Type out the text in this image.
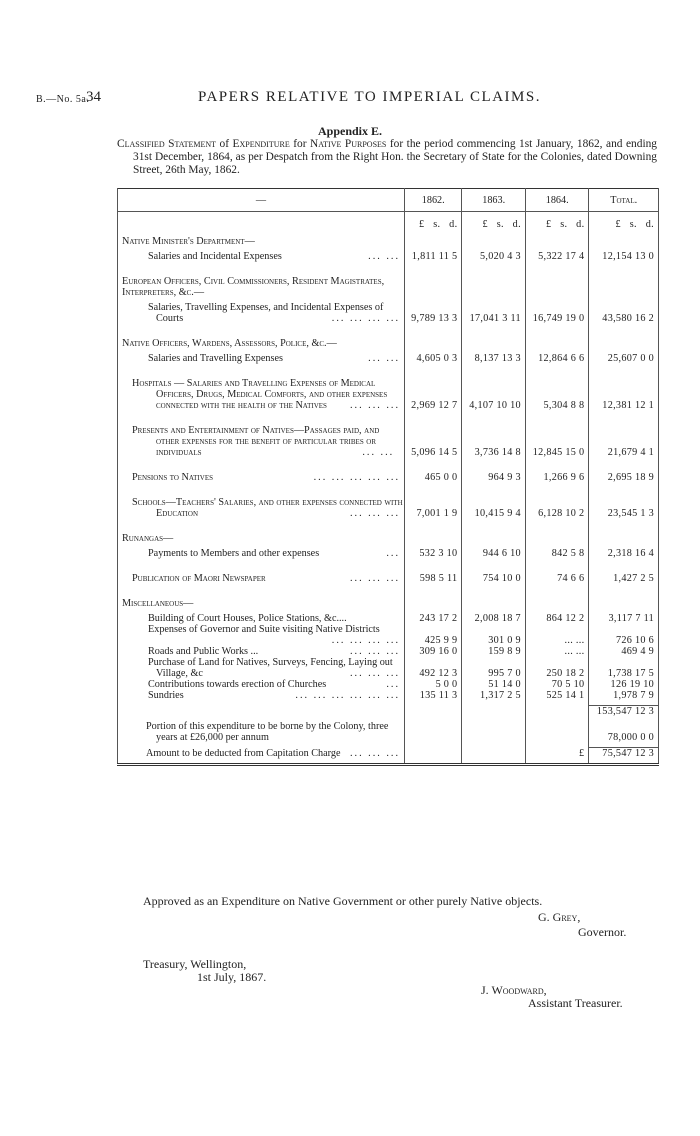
B.—No. 5a.
34	PAPERS RELATIVE TO IMPERIAL CLAIMS.
Appendix E.

Classified Statement of Expenditure for Native Purposes for the period commencing 1st January, 1862, and ending 31st December, 1864, as per Despatch from the Right Hon. the Secretary of State for the Colonies, dated Downing Street, 26th May, 1862.

—	1862.	1863.	1864.	Total.
	£ s. d.	£ s. d.	£ s. d.	£ s. d.

Native Minister's Department—				

Salaries and Incidental Expenses ... ...	1,811 11 5	5,020 4 3	5,322 17 4	12,154 13 0

European Officers, Civil Commissioners, Resident Magistrates, Interpreters, &c.—				

Salaries, Travelling Expenses, and Incidental Expenses of Courts ... ... ... ...	9,789 13 3	17,041 3 11	16,749 19 0	43,580 16 2

Native Officers, Wardens, Assessors, Police, &c.—				

Salaries and Travelling Expenses ... ...	4,605 0 3	8,137 13 3	12,864 6 6	25,607 0 0

Hospitals — Salaries and Travelling Expenses of Medical Officers, Drugs, Medical Comforts, and other expenses connected with the health of the Natives ... ... ...	2,969 12 7	4,107 10 10	5,304 8 8	12,381 12 1

Presents and Entertainment of Natives—Passages paid, and other expenses for the benefit of particular tribes or individuals ... ...	5,096 14 5	3,736 14 8	12,845 15 0	21,679 4 1

Pensions to Natives ... ... ... ... ...	465 0 0	964 9 3	1,266 9 6	2,695 18 9

Schools—Teachers' Salaries, and other expenses connected with Education ... ... ...	7,001 1 9	10,415 9 4	6,128 10 2	23,545 1 3

Runangas—				

Payments to Members and other expenses ...	532 3 10	944 6 10	842 5 8	2,318 16 4

Publication of Maori Newspaper ... ... ...	598 5 11	754 10 0	74 6 6	1,427 2 5

Miscellaneous—				

Building of Court Houses, Police Stations, &c....	243 17 2	2,008 18 7	864 12 2	3,117 7 11
Expenses of Governor and Suite visiting Native Districts
... ... ... ...	425 9 9	301 0 9	... ...	726 10 6
Roads and Public Works ... ... ... ...	309 16 0	159 8 9	... ...	469 4 9
Purchase of Land for Natives, Surveys, Fencing, Laying out Village, &c ... ... ...	492 12 3	995 7 0	250 18 2	1,738 17 5
Contributions towards erection of Churches ...	5 0 0	51 14 0	70 5 10	126 19 10
Sundries ... ... ... ... ... ...	135 11 3	1,317 2 5	525 14 1	1,978 7 9

				153,547 12 3

Portion of this expenditure to be borne by the Colony, three years at £26,000 per annum				78,000 0 0

Amount to be deducted from Capitation Charge ... ... ...			£	75,547 12 3

Approved as an Expenditure on Native Government or other purely Native objects.
G. Grey,
Governor.
Treasury, Wellington,
1st July, 1867.
J. Woodward,
Assistant Treasurer.
